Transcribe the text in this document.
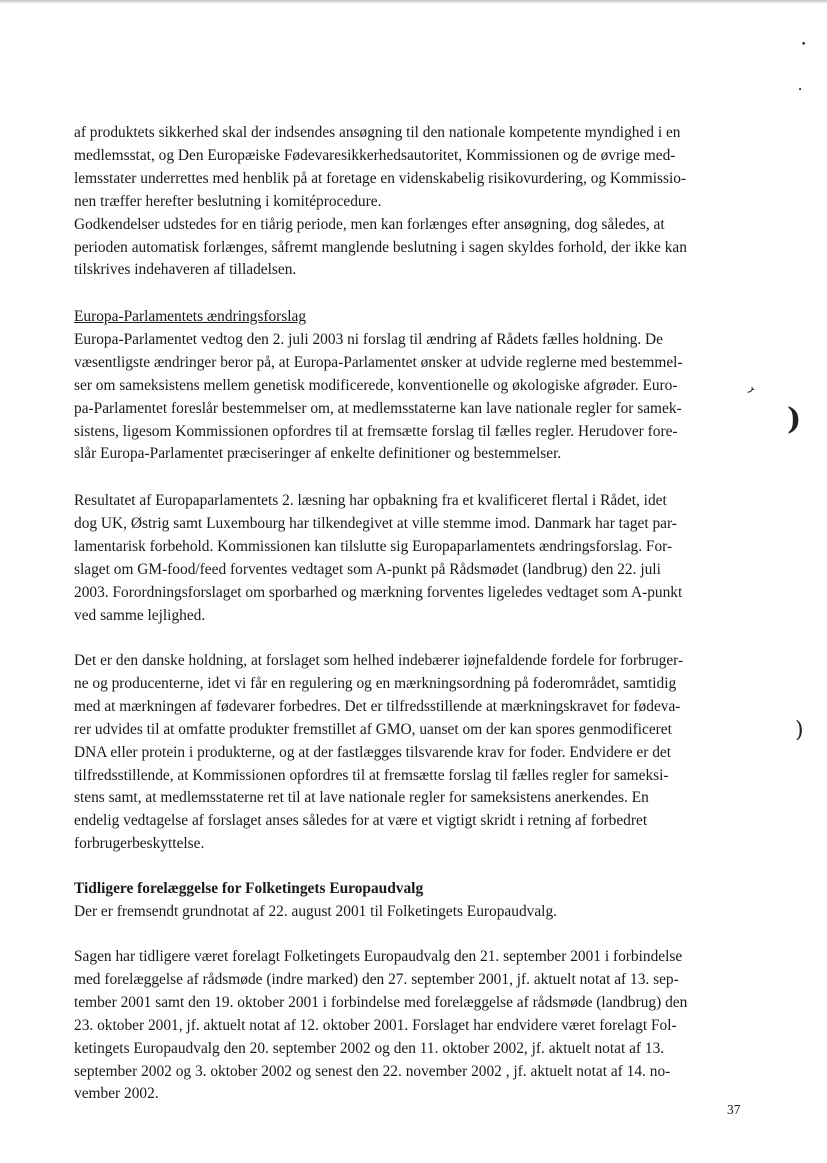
•
•
ﺮ
)
)
af produktets sikkerhed skal der indsendes ansøgning til den nationale kompetente myndighed i en
medlemsstat, og Den Europæiske Fødevaresikkerhedsautoritet, Kommissionen og de øvrige med-
lemsstater underrettes med henblik på at foretage en videnskabelig risikovurdering, og Kommissio-
nen træffer herefter beslutning i komitéprocedure.
Godkendelser udstedes for en tiårig periode, men kan forlænges efter ansøgning, dog således, at
perioden automatisk forlænges, såfremt manglende beslutning i sagen skyldes forhold, der ikke kan
tilskrives indehaveren af tilladelsen.
Europa-Parlamentets ændringsforslag
Europa-Parlamentet vedtog den 2. juli 2003 ni forslag til ændring af Rådets fælles holdning. De
væsentligste ændringer beror på, at Europa-Parlamentet ønsker at udvide reglerne med bestemmel-
ser om sameksistens mellem genetisk modificerede, konventionelle og økologiske afgrøder. Euro-
pa-Parlamentet foreslår bestemmelser om, at medlemsstaterne kan lave nationale regler for samek-
sistens, ligesom Kommissionen opfordres til at fremsætte forslag til fælles regler. Herudover fore-
slår Europa-Parlamentet præciseringer af enkelte definitioner og bestemmelser.
Resultatet af Europaparlamentets 2. læsning har opbakning fra et kvalificeret flertal i Rådet, idet
dog UK, Østrig samt Luxembourg har tilkendegivet at ville stemme imod. Danmark har taget par-
lamentarisk forbehold. Kommissionen kan tilslutte sig Europaparlamentets ændringsforslag. For-
slaget om GM-food/feed forventes vedtaget som A-punkt på Rådsmødet (landbrug) den 22. juli
2003. Forordningsforslaget om sporbarhed og mærkning forventes ligeledes vedtaget som A-punkt
ved samme lejlighed.
Det er den danske holdning, at forslaget som helhed indebærer iøjnefaldende fordele for forbruger-
ne og producenterne, idet vi får en regulering og en mærkningsordning på foderområdet, samtidig
med at mærkningen af fødevarer forbedres. Det er tilfredsstillende at mærkningskravet for fødeva-
rer udvides til at omfatte produkter fremstillet af GMO, uanset om der kan spores genmodificeret
DNA eller protein i produkterne, og at der fastlægges tilsvarende krav for foder. Endvidere er det
tilfredsstillende, at Kommissionen opfordres til at fremsætte forslag til fælles regler for sameksi-
stens samt, at medlemsstaterne ret til at lave nationale regler for sameksistens anerkendes. En
endelig vedtagelse af forslaget anses således for at være et vigtigt skridt i retning af forbedret
forbrugerbeskyttelse.
Tidligere forelæggelse for Folketingets Europaudvalg
Der er fremsendt grundnotat af 22. august 2001 til Folketingets Europaudvalg.
Sagen har tidligere været forelagt Folketingets Europaudvalg den 21. september 2001 i forbindelse
med forelæggelse af rådsmøde (indre marked) den 27. september 2001, jf. aktuelt notat af 13. sep-
tember 2001 samt den 19. oktober 2001 i forbindelse med forelæggelse af rådsmøde (landbrug) den
23. oktober 2001, jf. aktuelt notat af 12. oktober 2001. Forslaget har endvidere været forelagt Fol-
ketingets Europaudvalg den 20. september 2002 og den 11. oktober 2002, jf. aktuelt notat af 13.
september 2002 og 3. oktober 2002 og senest den 22. november 2002 , jf. aktuelt notat af 14. no-
vember 2002.
37
